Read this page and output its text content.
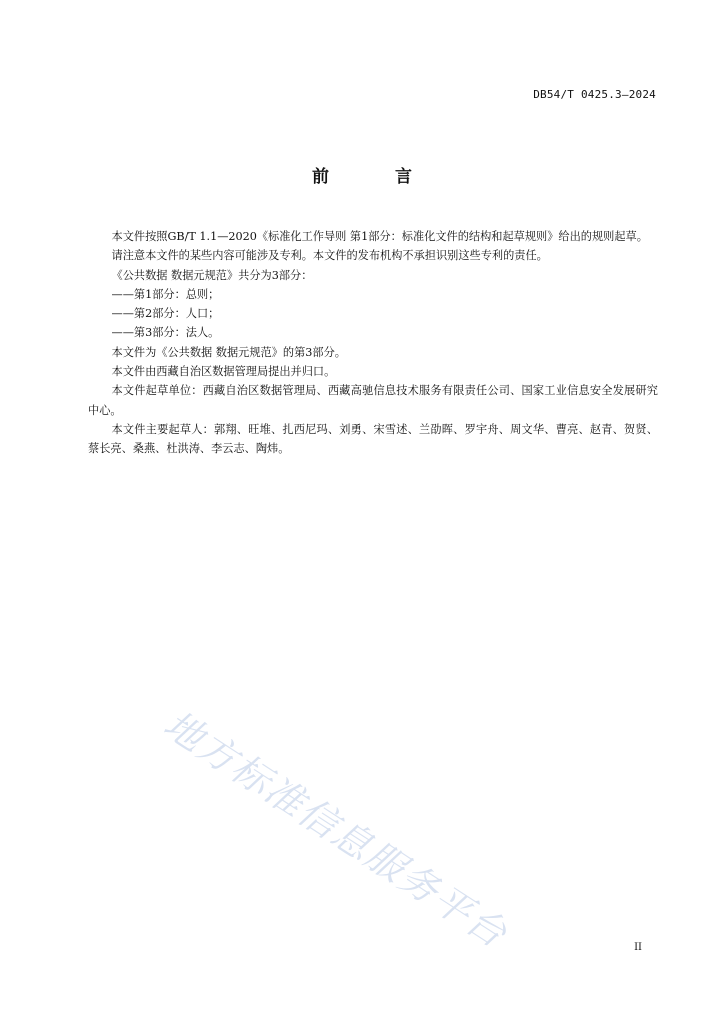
DB54/T 0425.3—2024
前 言

本文件按照GB/T 1.1—2020《标准化工作导则 第1部分：标准化文件的结构和起草规则》给出的规则起草。

请注意本文件的某些内容可能涉及专利。本文件的发布机构不承担识别这些专利的责任。

《公共数据 数据元规范》共分为3部分：

——第1部分：总则；

——第2部分：人口；

——第3部分：法人。

本文件为《公共数据 数据元规范》的第3部分。

本文件由西藏自治区数据管理局提出并归口。

本文件起草单位：西藏自治区数据管理局、西藏高驰信息技术服务有限责任公司、国家工业信息安全发展研究中心。

本文件主要起草人：郭翔、旺堆、扎西尼玛、刘勇、宋雪述、兰劭晖、罗宇舟、周文华、曹亮、赵青、贺贤、蔡长亮、桑燕、杜洪涛、李云志、陶炜。

地方标准信息服务平台	II
